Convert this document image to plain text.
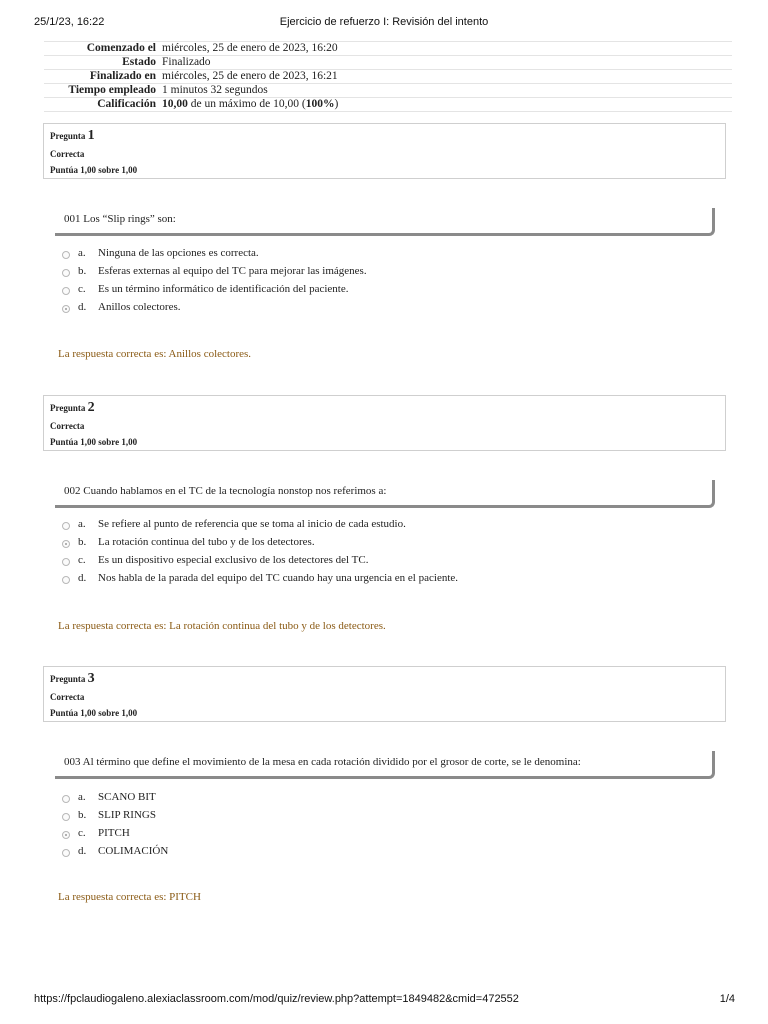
25/1/23, 16:22	Ejercicio de refuerzo I: Revisión del intento
Comenzado el	miércoles, 25 de enero de 2023, 16:20
Estado	Finalizado
Finalizado en	miércoles, 25 de enero de 2023, 16:21
Tiempo empleado	1 minutos 32 segundos
Calificación	10,00 de un máximo de 10,00 (100%)
Pregunta 1
Correcta
Puntúa 1,00 sobre 1,00
001 Los “Slip rings” son:
a. Ninguna de las opciones es correcta.
b. Esferas externas al equipo del TC para mejorar las imágenes.
c. Es un término informático de identificación del paciente.
d. Anillos colectores.
La respuesta correcta es: Anillos colectores.
Pregunta 2
Correcta
Puntúa 1,00 sobre 1,00
002 Cuando hablamos en el TC de la tecnología nonstop nos referimos a:
a. Se refiere al punto de referencia que se toma al inicio de cada estudio.
b. La rotación continua del tubo y de los detectores.
c. Es un dispositivo especial exclusivo de los detectores del TC.
d. Nos habla de la parada del equipo del TC cuando hay una urgencia en el paciente.
La respuesta correcta es: La rotación continua del tubo y de los detectores.
Pregunta 3
Correcta
Puntúa 1,00 sobre 1,00
003 Al término que define el movimiento de la mesa en cada rotación dividido por el grosor de corte, se le denomina:
a. SCANO BIT
b. SLIP RINGS
c. PITCH
d. COLIMACIÓN
La respuesta correcta es: PITCH
https://fpclaudiogaleno.alexiaclassroom.com/mod/quiz/review.php?attempt=1849482&cmid=472552	1/4
